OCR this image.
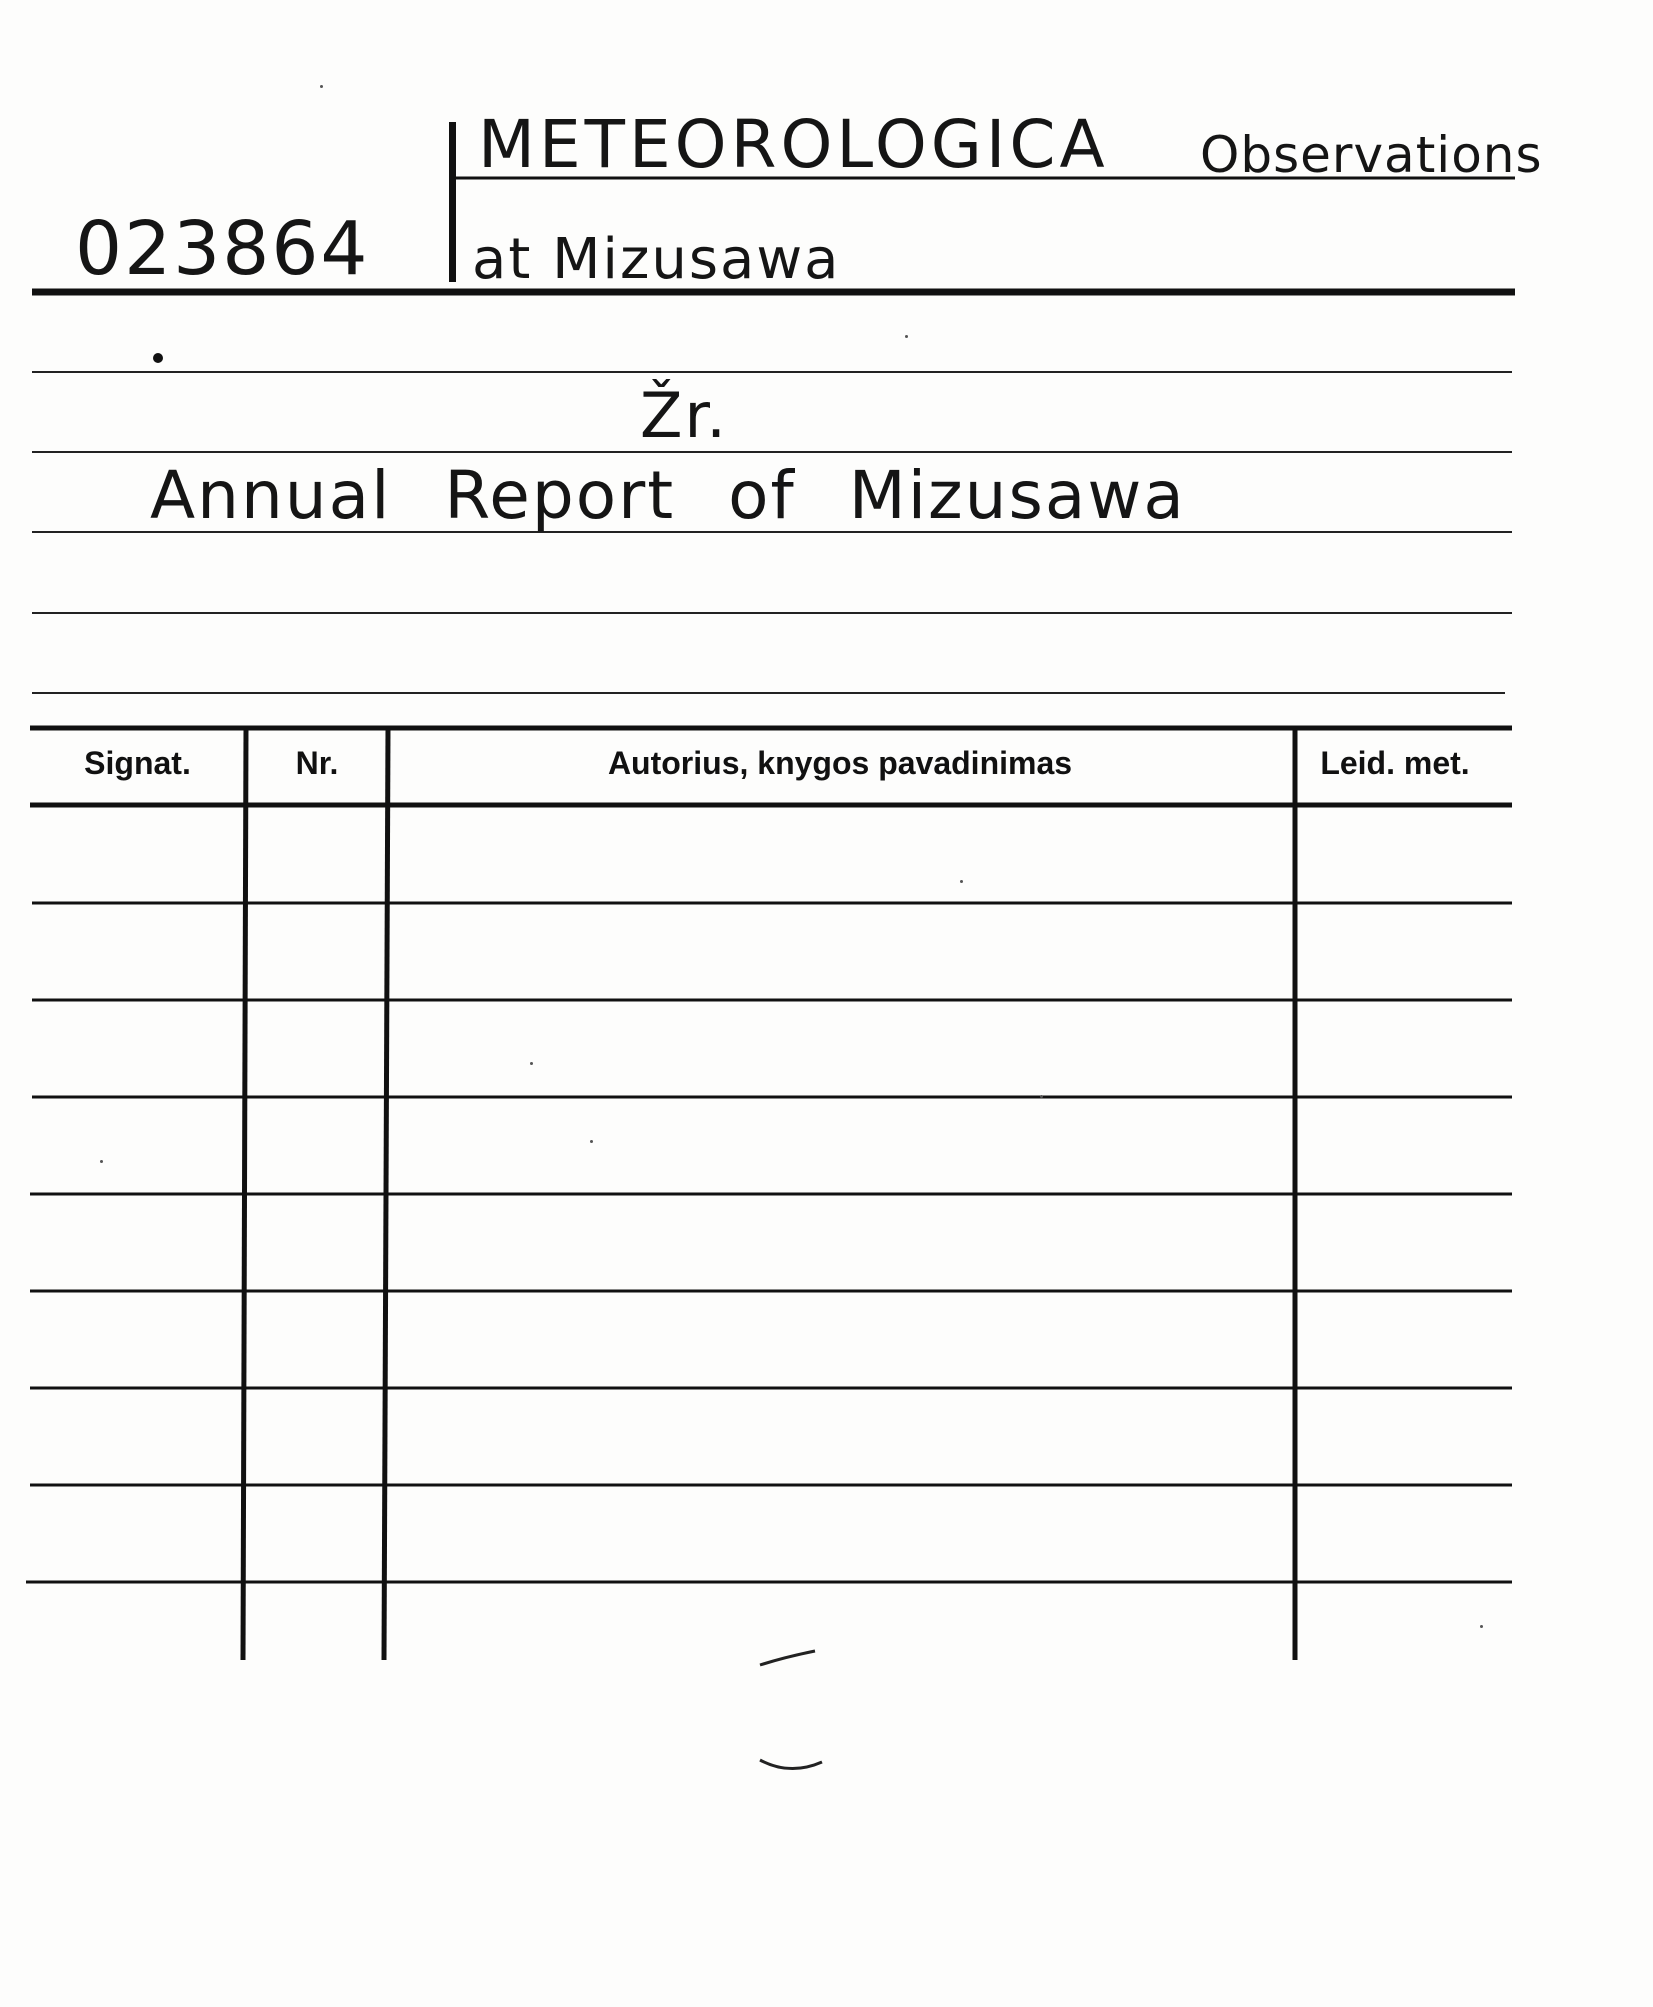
023864
METEOROLOGICA Observations
at Mizusawa
Žr.
Annual Report of Mizusawa
Signat.	Nr.	Autorius, knygos pavadinimas	Leid. met.
